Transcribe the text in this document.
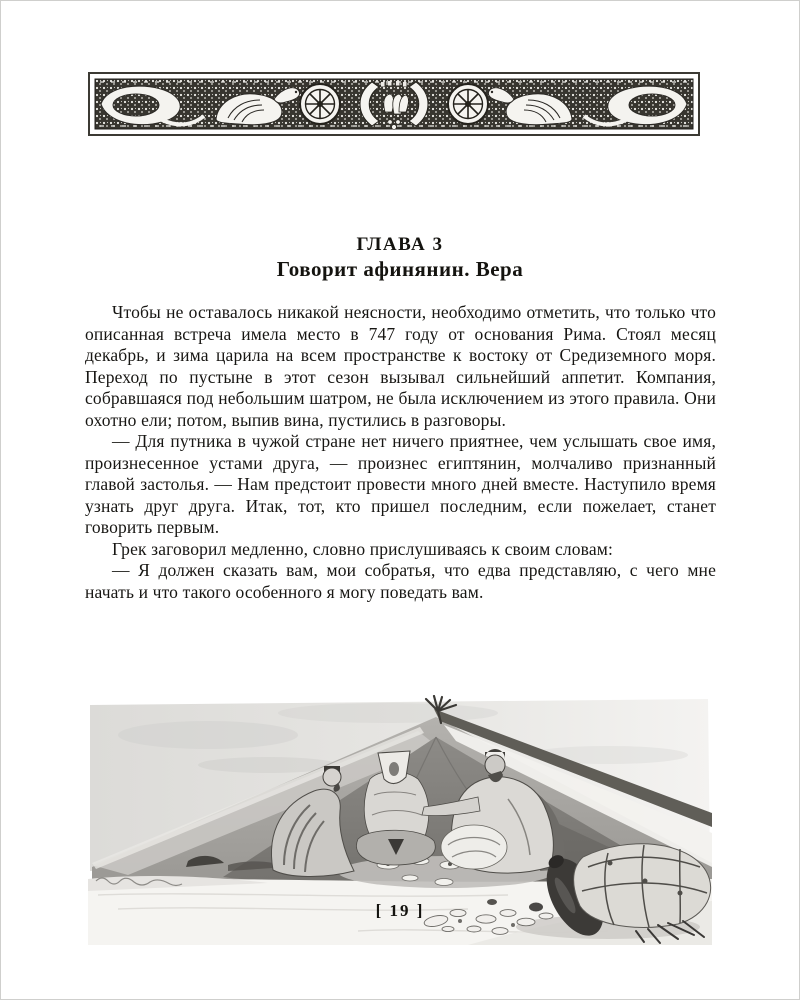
ГЛАВА 3
Говорит афинянин. Вера

Чтобы не оставалось никакой неясности, необходимо отметить, что только что описанная встреча имела место в 747 году от основания Рима. Стоял месяц декабрь, и зима царила на всем пространстве к востоку от Средиземного моря. Переход по пустыне в этот сезон вызывал сильнейший аппетит. Компания, собравшаяся под небольшим шатром, не была исключением из этого правила. Они охотно ели; потом, выпив вина, пустились в разговоры.

— Для путника в чужой стране нет ничего приятнее, чем услышать свое имя, произнесенное устами друга, — произнес египтянин, молчаливо признанный главой застолья. — Нам предстоит провести много дней вместе. Наступило время узнать друг друга. Итак, тот, кто пришел последним, если пожелает, станет говорить первым.

Грек заговорил медленно, словно прислушиваясь к своим словам:

— Я должен сказать вам, мои собратья, что едва представляю, с чего мне начать и что такого особенного я могу поведать вам.

[ 19 ]
